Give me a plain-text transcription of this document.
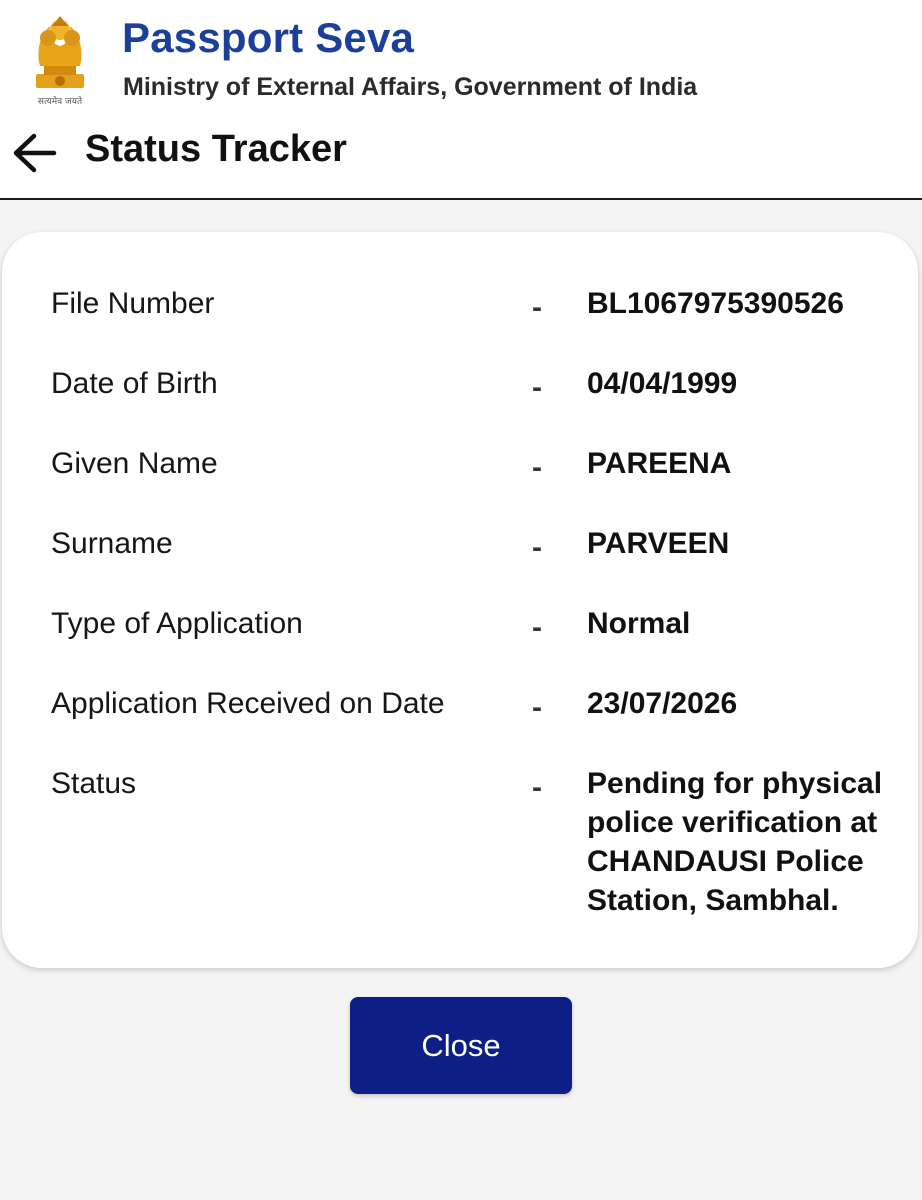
सत्यमेव जयते
Passport Seva
Ministry of External Affairs, Government of India
Status Tracker
File Number	- BL1067975390526
Date of Birth	- 04/04/1999
Given Name	- PAREENA
Surname	- PARVEEN
Type of Application	- Normal
Application Received on Date	- 23/07/2026
Status	- Pending for physical police verification at CHANDAUSI Police Station, Sambhal.
Close
